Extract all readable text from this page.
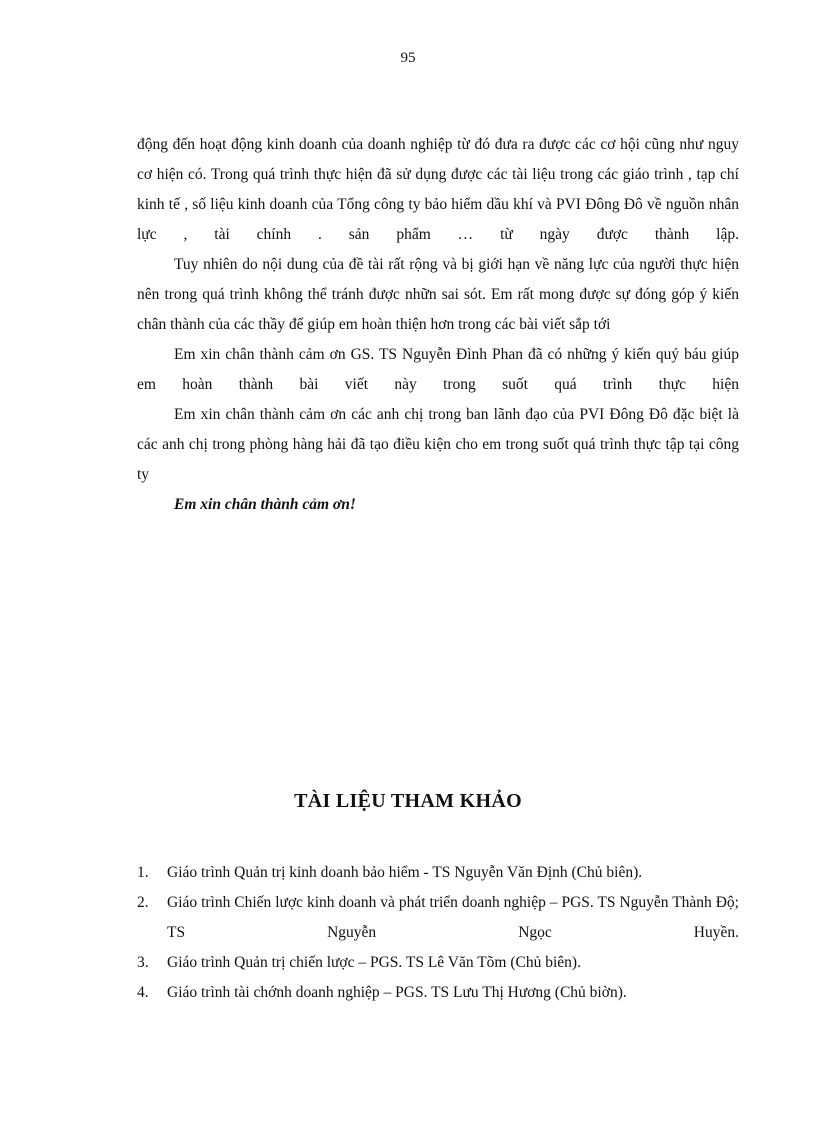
95

động đến hoạt động kinh doanh của doanh nghiệp từ đó đưa ra được các cơ hội cũng như nguy cơ hiện có. Trong quá trình thực hiện đã sử dụng được các tài liệu trong các giáo trình , tạp chí kinh tế , số liệu kinh doanh của Tổng công ty bảo hiểm dầu khí và PVI Đông Đô về nguồn nhân lực , tài chính . sản phẩm … từ ngày được thành lập.

Tuy nhiên do nội dung của đề tài rất rộng và bị giới hạn về năng lực của người thực hiện nên trong quá trình không thể tránh được nhữn sai sót. Em rất mong được sự đóng góp ý kiến chân thành của các thầy để giúp em hoàn thiện hơn trong các bài viết sắp tới

Em xin chân thành cảm ơn GS. TS Nguyễn Đình Phan đã có những ý kiến quý báu giúp em hoàn thành bài viết này trong suốt quá trình thực hiện

Em xin chân thành cảm ơn các anh chị trong ban lãnh đạo của PVI Đông Đô đặc biệt là các anh chị trong phòng hàng hải đã tạo điều kiện cho em trong suốt quá trình thực tập tại công ty

Em xin chân thành cảm ơn!

TÀI LIỆU THAM KHẢO
1.	Giáo trình Quản trị kinh doanh bảo hiểm - TS Nguyễn Văn Định (Chủ biên).
2.	Giáo trình Chiến lược kinh doanh và phát triển doanh nghiệp – PGS. TS Nguyễn Thành Độ; TS Nguyễn Ngọc Huyền.
3.	Giáo trình Quản trị chiến lược – PGS. TS Lê Văn Tõm (Chủ biên).
4.	Giáo trình tài chớnh doanh nghiệp – PGS. TS Lưu Thị Hương (Chủ biờn).
